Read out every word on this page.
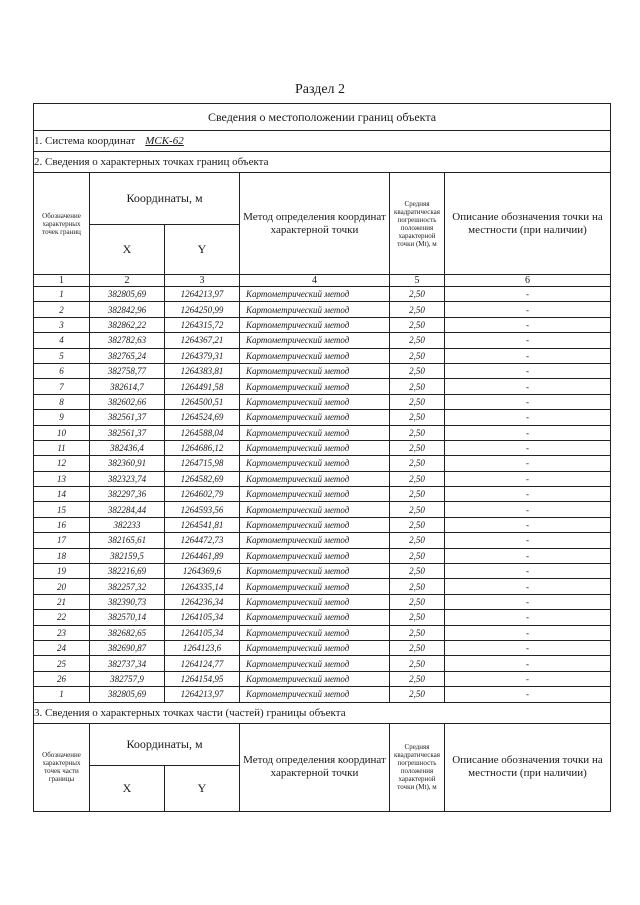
Раздел 2
Сведения о местоположении границ объекта					
1. Система координат МСК-62					
2. Сведения о характерных точках границ объекта					
Обозначение характерных точек границ	Координаты, м		Метод определения координат характерной точки	Средняя квадратическая погрешность положения характерной точки (Mt), м	Описание обозначения точки на местности (при наличии)
	X	Y			
1	2	3	4	5	6
1	382805,69	1264213,97	Картометрический метод	2,50	-
2	382842,96	1264250,99	Картометрический метод	2,50	-
3	382862,22	1264315,72	Картометрический метод	2,50	-
4	382782,63	1264367,21	Картометрический метод	2,50	-
5	382765,24	1264379,31	Картометрический метод	2,50	-
6	382758,77	1264383,81	Картометрический метод	2,50	-
7	382614,7	1264491,58	Картометрический метод	2,50	-
8	382602,66	1264500,51	Картометрический метод	2,50	-
9	382561,37	1264524,69	Картометрический метод	2,50	-
10	382561,37	1264588,04	Картометрический метод	2,50	-
11	382436,4	1264686,12	Картометрический метод	2,50	-
12	382360,91	1264715,98	Картометрический метод	2,50	-
13	382323,74	1264582,69	Картометрический метод	2,50	-
14	382297,36	1264602,79	Картометрический метод	2,50	-
15	382284,44	1264593,56	Картометрический метод	2,50	-
16	382233	1264541,81	Картометрический метод	2,50	-
17	382165,61	1264472,73	Картометрический метод	2,50	-
18	382159,5	1264461,89	Картометрический метод	2,50	-
19	382216,69	1264369,6	Картометрический метод	2,50	-
20	382257,32	1264335,14	Картометрический метод	2,50	-
21	382390,73	1264236,34	Картометрический метод	2,50	-
22	382570,14	1264105,34	Картометрический метод	2,50	-
23	382682,65	1264105,34	Картометрический метод	2,50	-
24	382690,87	1264123,6	Картометрический метод	2,50	-
25	382737,34	1264124,77	Картометрический метод	2,50	-
26	382757,9	1264154,95	Картометрический метод	2,50	-
1	382805,69	1264213,97	Картометрический метод	2,50	-
3. Сведения о характерных точках части (частей) границы объекта					
Обозначение характерных точек части границы	Координаты, м		Метод определения координат характерной точки	Средняя квадратическая погрешность положения характерной точки (Mt), м	Описание обозначения точки на местности (при наличии)
	X	Y			
